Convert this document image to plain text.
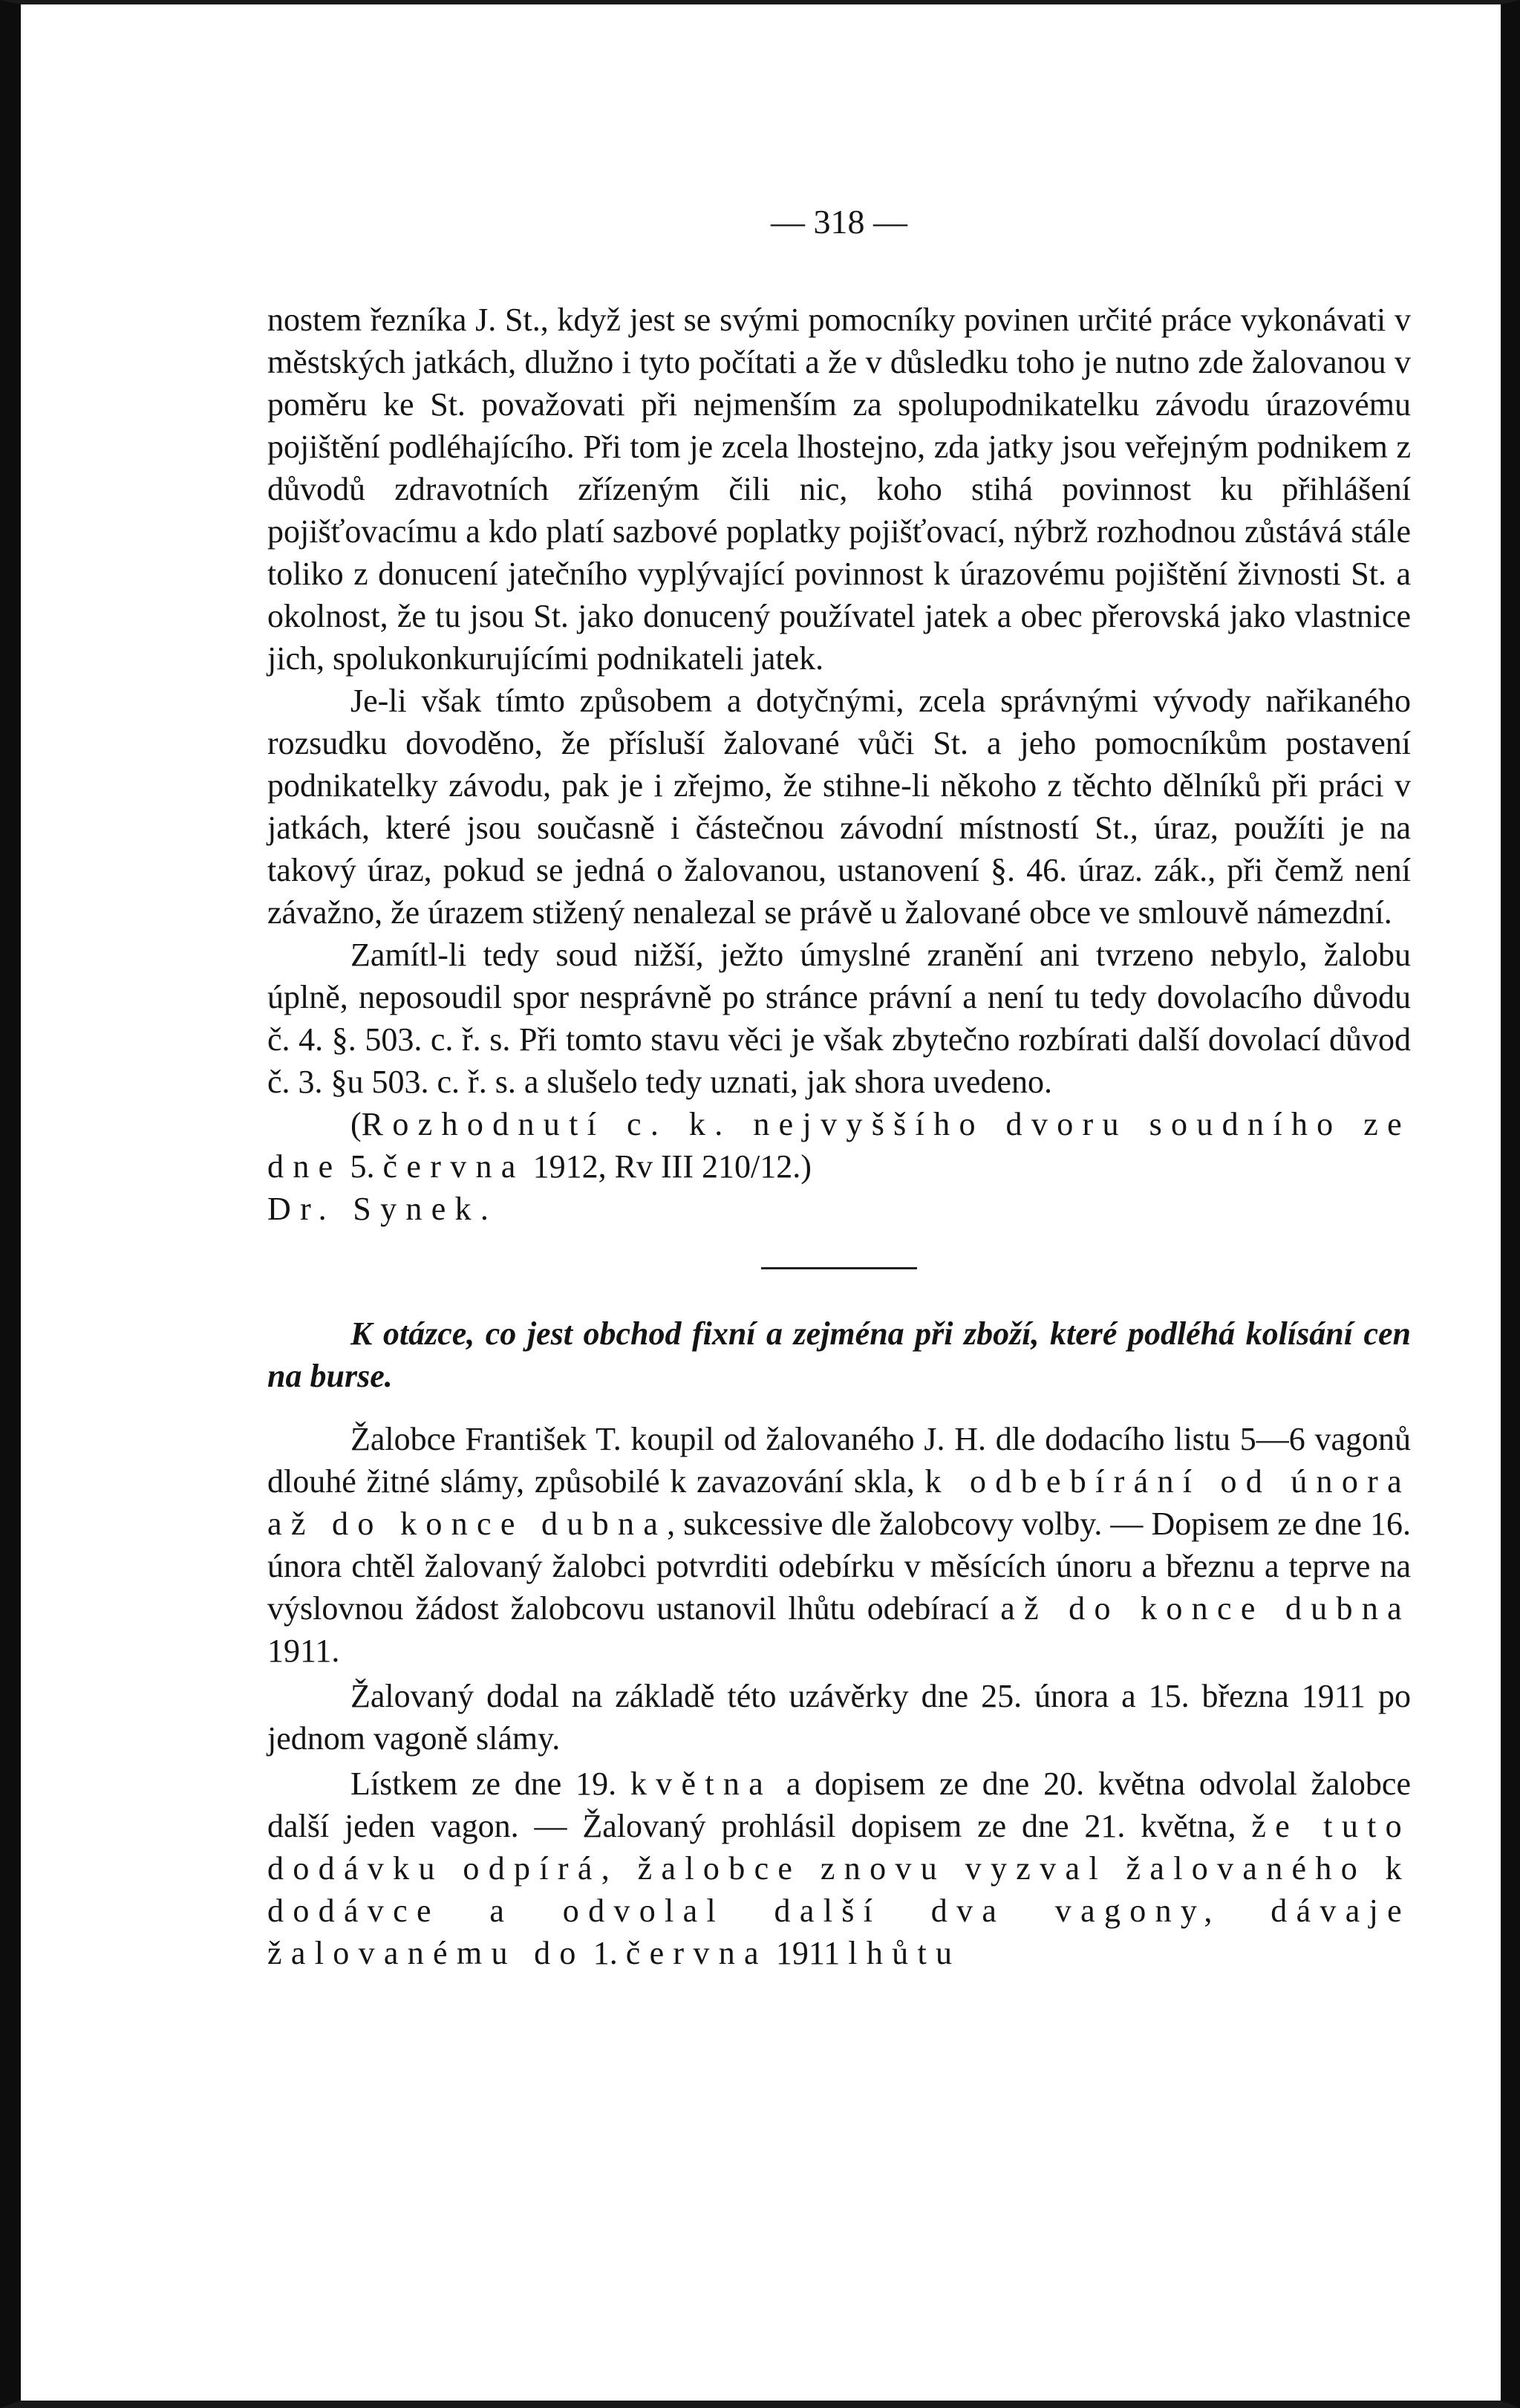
— 318 —

nostem řezníka J. St., když jest se svými pomocníky povinen určité práce vykonávati v městských jatkách, dlužno i tyto počítati a že v důsledku toho je nutno zde žalovanou v poměru ke St. považovati při nejmenším za spolupodnikatelku závodu úrazovému pojištění podléhajícího. Při tom je zcela lhostejno, zda jatky jsou veřejným podnikem z důvodů zdravotních zřízeným čili nic, koho stihá povinnost ku přihlášení pojišťovacímu a kdo platí sazbové poplatky pojišťovací, nýbrž rozhodnou zůstává stále toliko z donucení jatečního vyplývající povinnost k úrazovému pojištění živnosti St. a okolnost, že tu jsou St. jako donucený používatel jatek a obec přerovská jako vlastnice jich, spolukonkurujícími podnikateli jatek.

Je-li však tímto způsobem a dotyčnými, zcela správnými vývody nařikaného rozsudku dovoděno, že přísluší žalované vůči St. a jeho pomocníkům postavení podnikatelky závodu, pak je i zřejmo, že stihne-li někoho z těchto dělníků při práci v jatkách, které jsou současně i částečnou závodní místností St., úraz, použíti je na takový úraz, pokud se jedná o žalovanou, ustanovení §. 46. úraz. zák., při čemž není závažno, že úrazem stižený nenalezal se právě u žalované obce ve smlouvě námezdní.

Zamítl-li tedy soud nižší, ježto úmyslné zranění ani tvrzeno nebylo, žalobu úplně, neposoudil spor nesprávně po stránce právní a není tu tedy dovolacího důvodu č. 4. §. 503. c. ř. s. Při tomto stavu věci je však zbytečno rozbírati další dovolací důvod č. 3. §u 503. c. ř. s. a slušelo tedy uznati, jak shora uvedeno.

(Rozhodnutí c. k. nejvyššího dvoru soudního ze dne 5. června 1912, Rv III 210/12.)

Dr. Synek.

K otázce, co jest obchod fixní a zejména při zboží, které podléhá kolísání cen na burse.

Žalobce František T. koupil od žalovaného J. H. dle dodacího listu 5—6 vagonů dlouhé žitné slámy, způsobilé k zavazování skla, k odbebírání od února až do konce dubna, sukcessive dle žalobcovy volby. — Dopisem ze dne 16. února chtěl žalovaný žalobci potvrditi odebírku v měsících únoru a březnu a teprve na výslovnou žádost žalobcovu ustanovil lhůtu odebírací až do konce dubna 1911.

Žalovaný dodal na základě této uzávěrky dne 25. února a 15. března 1911 po jednom vagoně slámy.

Lístkem ze dne 19. května a dopisem ze dne 20. května odvolal žalobce další jeden vagon. — Žalovaný prohlásil dopisem ze dne 21. května, že tuto dodávku odpírá, žalobce znovu vyzval žalovaného k dodávce a odvolal další dva vagony, dávaje žalovanému do 1. června 1911 lhůtu
